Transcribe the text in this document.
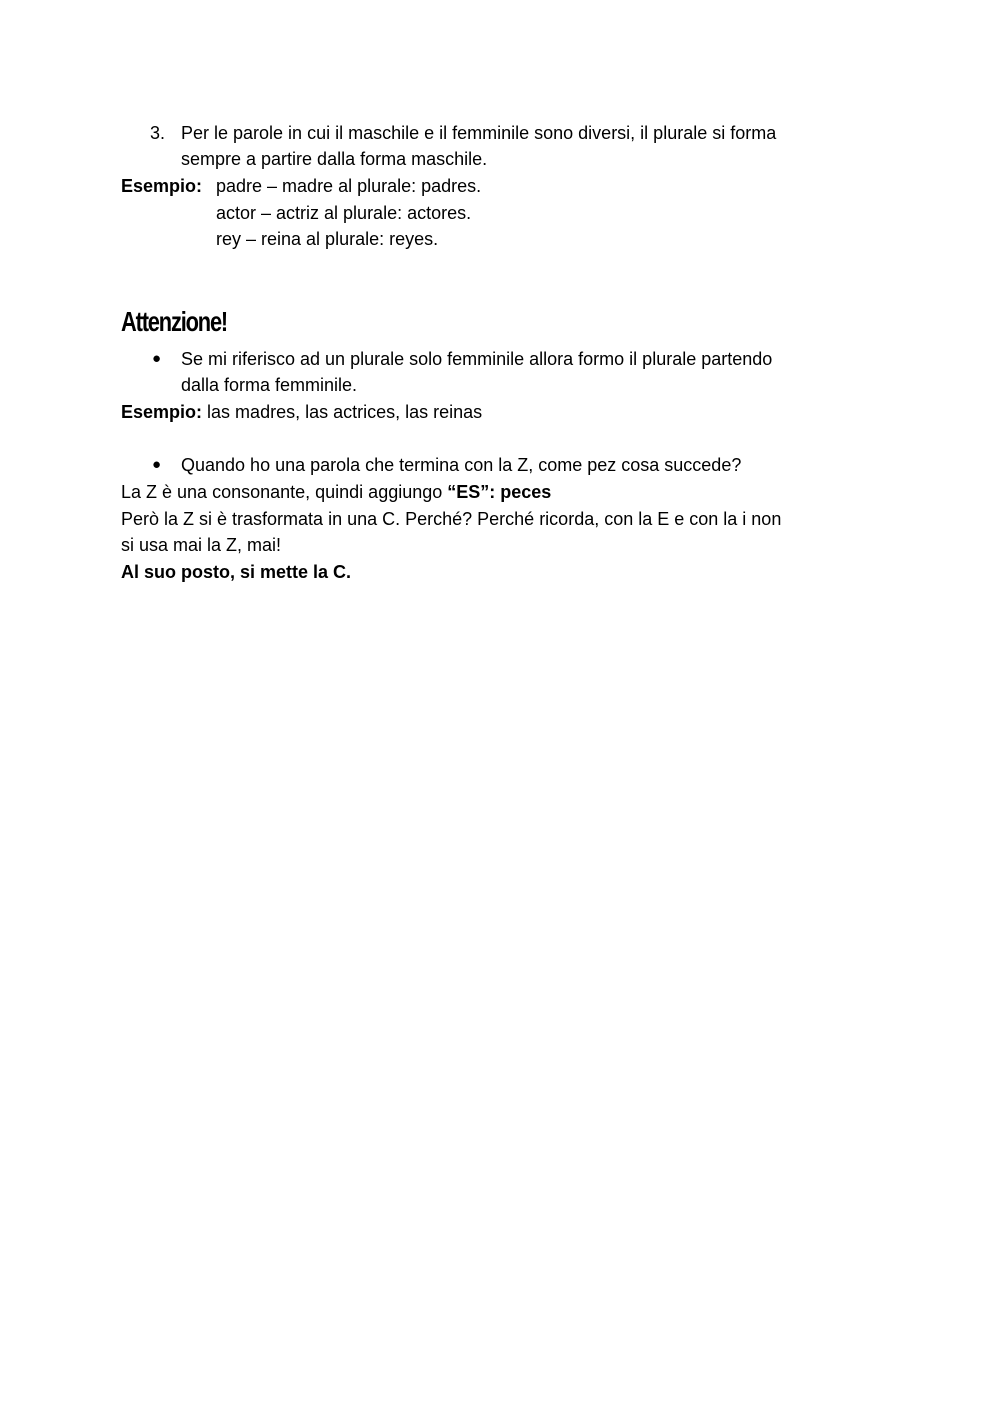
3. Per le parole in cui il maschile e il femminile sono diversi, il plurale si forma
sempre a partire dalla forma maschile.
Esempio: padre – madre al plurale: padres.
actor – actriz al plurale: actores.
rey – reina al plurale: reyes.
Attenzione!
● Se mi riferisco ad un plurale solo femminile allora formo il plurale partendo
dalla forma femminile.
Esempio: las madres, las actrices, las reinas
● Quando ho una parola che termina con la Z, come pez cosa succede?
La Z è una consonante, quindi aggiungo “ES”: peces
Però la Z si è trasformata in una C. Perché? Perché ricorda, con la E e con la i non
si usa mai la Z, mai!
Al suo posto, si mette la C.
